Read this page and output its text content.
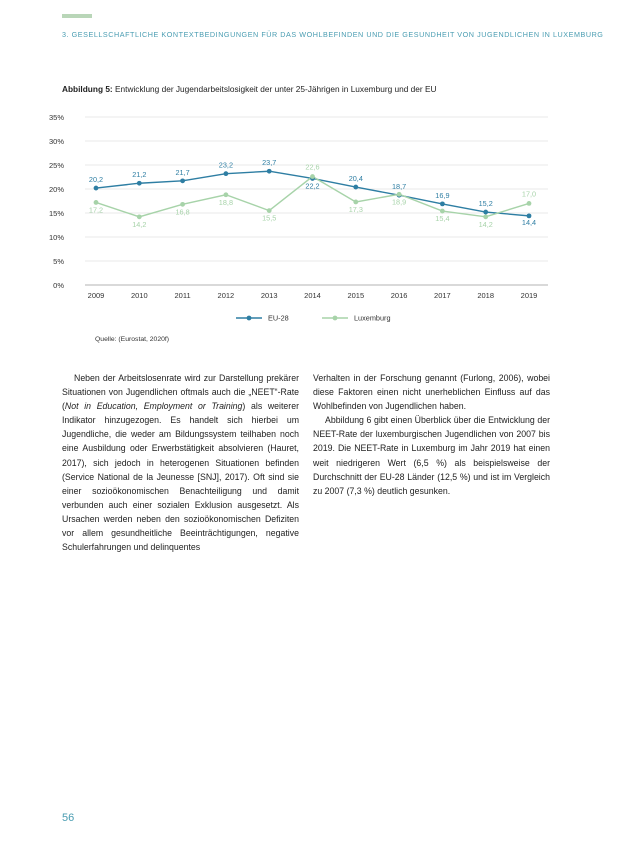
3. GESELLSCHAFTLICHE KONTEXTBEDINGUNGEN FÜR DAS WOHLBEFINDEN UND DIE GESUNDHEIT VON JUGENDLICHEN IN LUXEMBURG
Abbildung 5: Entwicklung der Jugendarbeitslosigkeit der unter 25-Jährigen in Luxemburg und der EU
0%
5%
10%
15%
20%
25%
30%
35%
2009	2010	2011	2012	2013	2014	2015	2016	2017	2018	2019
20,2
21,2	21,7
23,2	23,7
22,2
20,4
18,7
16,9
15,2
14,4
17,2
14,2
16,8
18,8
15,5
22,6
17,3
18,9
15,4
14,2
17,0
EU-28	Luxemburg
Quelle: (Eurostat, 2020f)

Neben der Arbeitslosenrate wird zur Darstellung prekärer Situationen von Jugendlichen oftmals auch die „NEET“-Rate (Not in Education, Employment or Training) als weiterer Indikator hinzugezogen. Es handelt sich hierbei um Jugendliche, die weder am Bildungssystem teilhaben noch eine Ausbildung oder Erwerbstätigkeit absolvieren (Hauret, 2017), sich jedoch in heterogenen Situationen befinden (Service National de la Jeunesse [SNJ], 2017). Oft sind sie einer sozioökonomischen Benachteiligung und damit verbunden auch einer sozialen Exklusion ausgesetzt. Als Ursachen werden neben den sozioökonomischen Defiziten vor allem gesundheitliche Beeinträchtigungen, negative Schulerfahrungen und delinquentes

Verhalten in der Forschung genannt (Furlong, 2006), wobei diese Faktoren einen nicht unerheblichen Einfluss auf das Wohlbefinden von Jugendlichen haben.

Abbildung 6 gibt einen Überblick über die Entwicklung der NEET-Rate der luxemburgischen Jugendlichen von 2007 bis 2019. Die NEET-Rate in Luxemburg im Jahr 2019 hat einen weit niedrigeren Wert (6,5 %) als beispielsweise der Durchschnitt der EU-28 Länder (12,5 %) und ist im Vergleich zu 2007 (7,3 %) deutlich gesunken.

56
